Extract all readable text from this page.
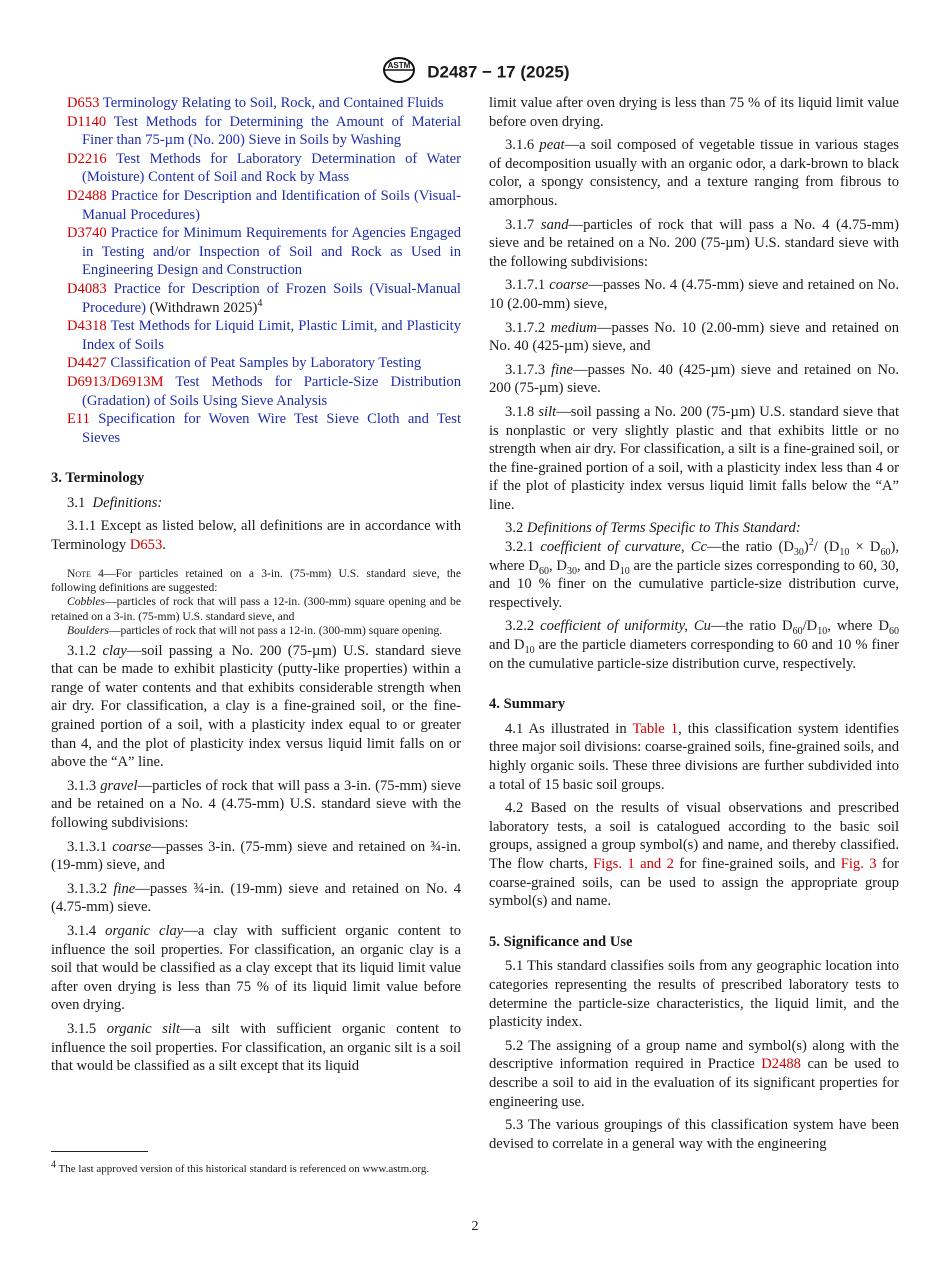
ASTM D2487 − 17 (2025)

D653 Terminology Relating to Soil, Rock, and Contained Fluids

D1140 Test Methods for Determining the Amount of Material Finer than 75-µm (No. 200) Sieve in Soils by Washing

D2216 Test Methods for Laboratory Determination of Water (Moisture) Content of Soil and Rock by Mass

D2488 Practice for Description and Identification of Soils (Visual-Manual Procedures)

D3740 Practice for Minimum Requirements for Agencies Engaged in Testing and/or Inspection of Soil and Rock as Used in Engineering Design and Construction

D4083 Practice for Description of Frozen Soils (Visual-Manual Procedure) (Withdrawn 2025)$^4$

D4318 Test Methods for Liquid Limit, Plastic Limit, and Plasticity Index of Soils

D4427 Classification of Peat Samples by Laboratory Testing

D6913/D6913M Test Methods for Particle-Size Distribution (Gradation) of Soils Using Sieve Analysis

E11 Specification for Woven Wire Test Sieve Cloth and Test Sieves

3. Terminology

3.1 Definitions:

3.1.1 Except as listed below, all definitions are in accordance with Terminology D653.

Note 4—For particles retained on a 3-in. (75-mm) U.S. standard sieve, the following definitions are suggested:

Cobbles—particles of rock that will pass a 12-in. (300-mm) square opening and be retained on a 3-in. (75-mm) U.S. standard sieve, and

Boulders—particles of rock that will not pass a 12-in. (300-mm) square opening.

3.1.2 clay—soil passing a No. 200 (75-µm) U.S. standard sieve that can be made to exhibit plasticity (putty-like properties) within a range of water contents and that exhibits considerable strength when air dry. For classification, a clay is a fine-grained soil, or the fine-grained portion of a soil, with a plasticity index equal to or greater than 4, and the plot of plasticity index versus liquid limit falls on or above the “A” line.

3.1.3 gravel—particles of rock that will pass a 3-in. (75-mm) sieve and be retained on a No. 4 (4.75-mm) U.S. standard sieve with the following subdivisions:

3.1.3.1 coarse—passes 3-in. (75-mm) sieve and retained on ¾-in. (19-mm) sieve, and

3.1.3.2 fine—passes ¾-in. (19-mm) sieve and retained on No. 4 (4.75-mm) sieve.

3.1.4 organic clay—a clay with sufficient organic content to influence the soil properties. For classification, an organic clay is a soil that would be classified as a clay except that its liquid limit value after oven drying is less than 75 % of its liquid limit value before oven drying.

3.1.5 organic silt—a silt with sufficient organic content to influence the soil properties. For classification, an organic silt is a soil that would be classified as a silt except that its liquid

limit value after oven drying is less than 75 % of its liquid limit value before oven drying.

3.1.6 peat—a soil composed of vegetable tissue in various stages of decomposition usually with an organic odor, a dark-brown to black color, a spongy consistency, and a texture ranging from fibrous to amorphous.

3.1.7 sand—particles of rock that will pass a No. 4 (4.75-mm) sieve and be retained on a No. 200 (75-µm) U.S. standard sieve with the following subdivisions:

3.1.7.1 coarse—passes No. 4 (4.75-mm) sieve and retained on No. 10 (2.00-mm) sieve,

3.1.7.2 medium—passes No. 10 (2.00-mm) sieve and retained on No. 40 (425-µm) sieve, and

3.1.7.3 fine—passes No. 40 (425-µm) sieve and retained on No. 200 (75-µm) sieve.

3.1.8 silt—soil passing a No. 200 (75-µm) U.S. standard sieve that is nonplastic or very slightly plastic and that exhibits little or no strength when air dry. For classification, a silt is a fine-grained soil, or the fine-grained portion of a soil, with a plasticity index less than 4 or if the plot of plasticity index versus liquid limit falls below the “A” line.

3.2 Definitions of Terms Specific to This Standard:

3.2.1 coefficient of curvature, Cc—the ratio $(D_{30})^2/$ $(D_{10} \times D_{60})$, where $D_{60}$, $D_{30}$, and $D_{10}$ are the particle sizes corresponding to 60, 30, and 10 % finer on the cumulative particle-size distribution curve, respectively.

3.2.2 coefficient of uniformity, Cu—the ratio $D_{60}/D_{10}$, where $D_{60}$ and $D_{10}$ are the particle diameters corresponding to 60 and 10 % finer on the cumulative particle-size distribution curve, respectively.

4. Summary

4.1 As illustrated in Table 1, this classification system identifies three major soil divisions: coarse-grained soils, fine-grained soils, and highly organic soils. These three divisions are further subdivided into a total of 15 basic soil groups.

4.2 Based on the results of visual observations and prescribed laboratory tests, a soil is catalogued according to the basic soil groups, assigned a group symbol(s) and name, and thereby classified. The flow charts, Figs. 1 and 2 for fine-grained soils, and Fig. 3 for coarse-grained soils, can be used to assign the appropriate group symbol(s) and name.

5. Significance and Use

5.1 This standard classifies soils from any geographic location into categories representing the results of prescribed laboratory tests to determine the particle-size characteristics, the liquid limit, and the plasticity index.

5.2 The assigning of a group name and symbol(s) along with the descriptive information required in Practice D2488 can be used to describe a soil to aid in the evaluation of its significant properties for engineering use.

5.3 The various groupings of this classification system have been devised to correlate in a general way with the engineering

$^4$ The last approved version of this historical standard is referenced on www.astm.org.
2
